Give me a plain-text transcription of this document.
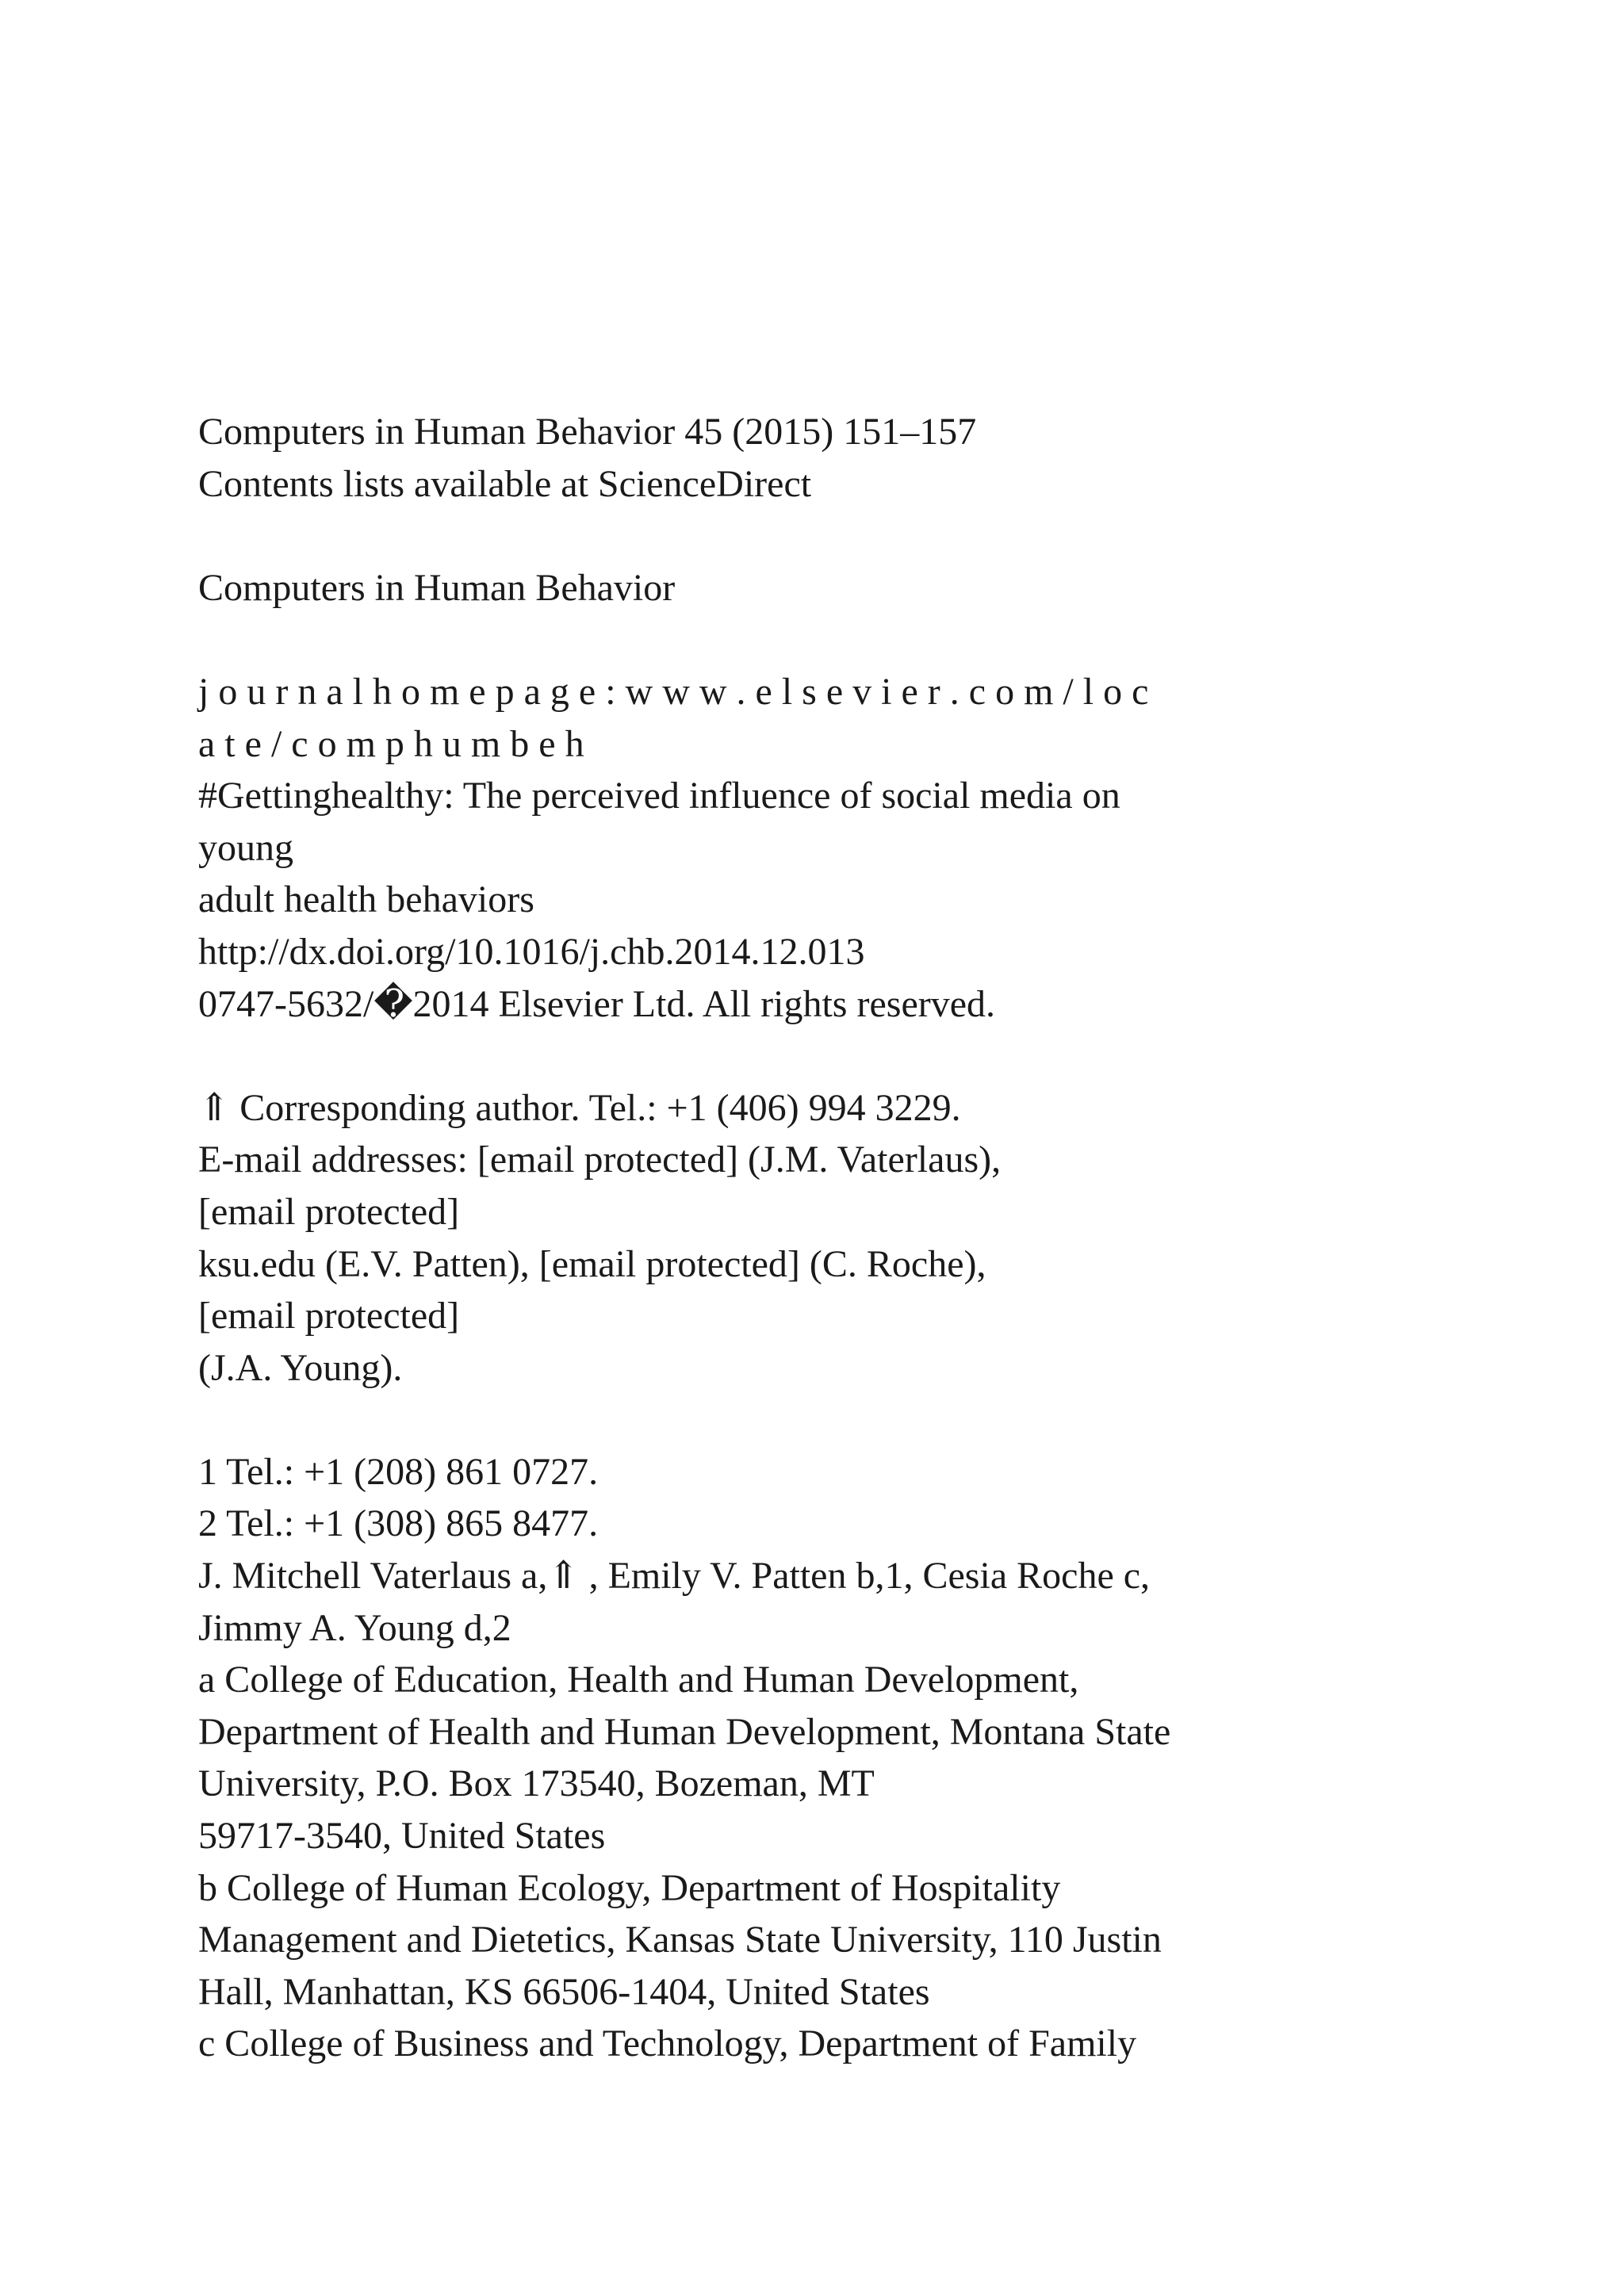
Computers in Human Behavior 45 (2015) 151–157

Contents lists available at ScienceDirect

Computers in Human Behavior

j o u r n a l h o m e p a g e : w w w . e l s e v i e r . c o m / l o c

a t e / c o m p h u m b e h

#Gettinghealthy: The perceived influence of social media on

young

adult health behaviors

http://dx.doi.org/10.1016/j.chb.2014.12.013

0747-5632/�2014 Elsevier Ltd. All rights reserved.

⇑ Corresponding author. Tel.: +1 (406) 994 3229.

E-mail addresses: [email protected] (J.M. Vaterlaus),

[email protected]

ksu.edu (E.V. Patten), [email protected] (C. Roche),

[email protected]

(J.A. Young).

1 Tel.: +1 (208) 861 0727.

2 Tel.: +1 (308) 865 8477.

J. Mitchell Vaterlaus a,⇑ , Emily V. Patten b,1, Cesia Roche c,

Jimmy A. Young d,2

a College of Education, Health and Human Development,

Department of Health and Human Development, Montana State

University, P.O. Box 173540, Bozeman, MT

59717-3540, United States

b College of Human Ecology, Department of Hospitality

Management and Dietetics, Kansas State University, 110 Justin

Hall, Manhattan, KS 66506-1404, United States

c College of Business and Technology, Department of Family
